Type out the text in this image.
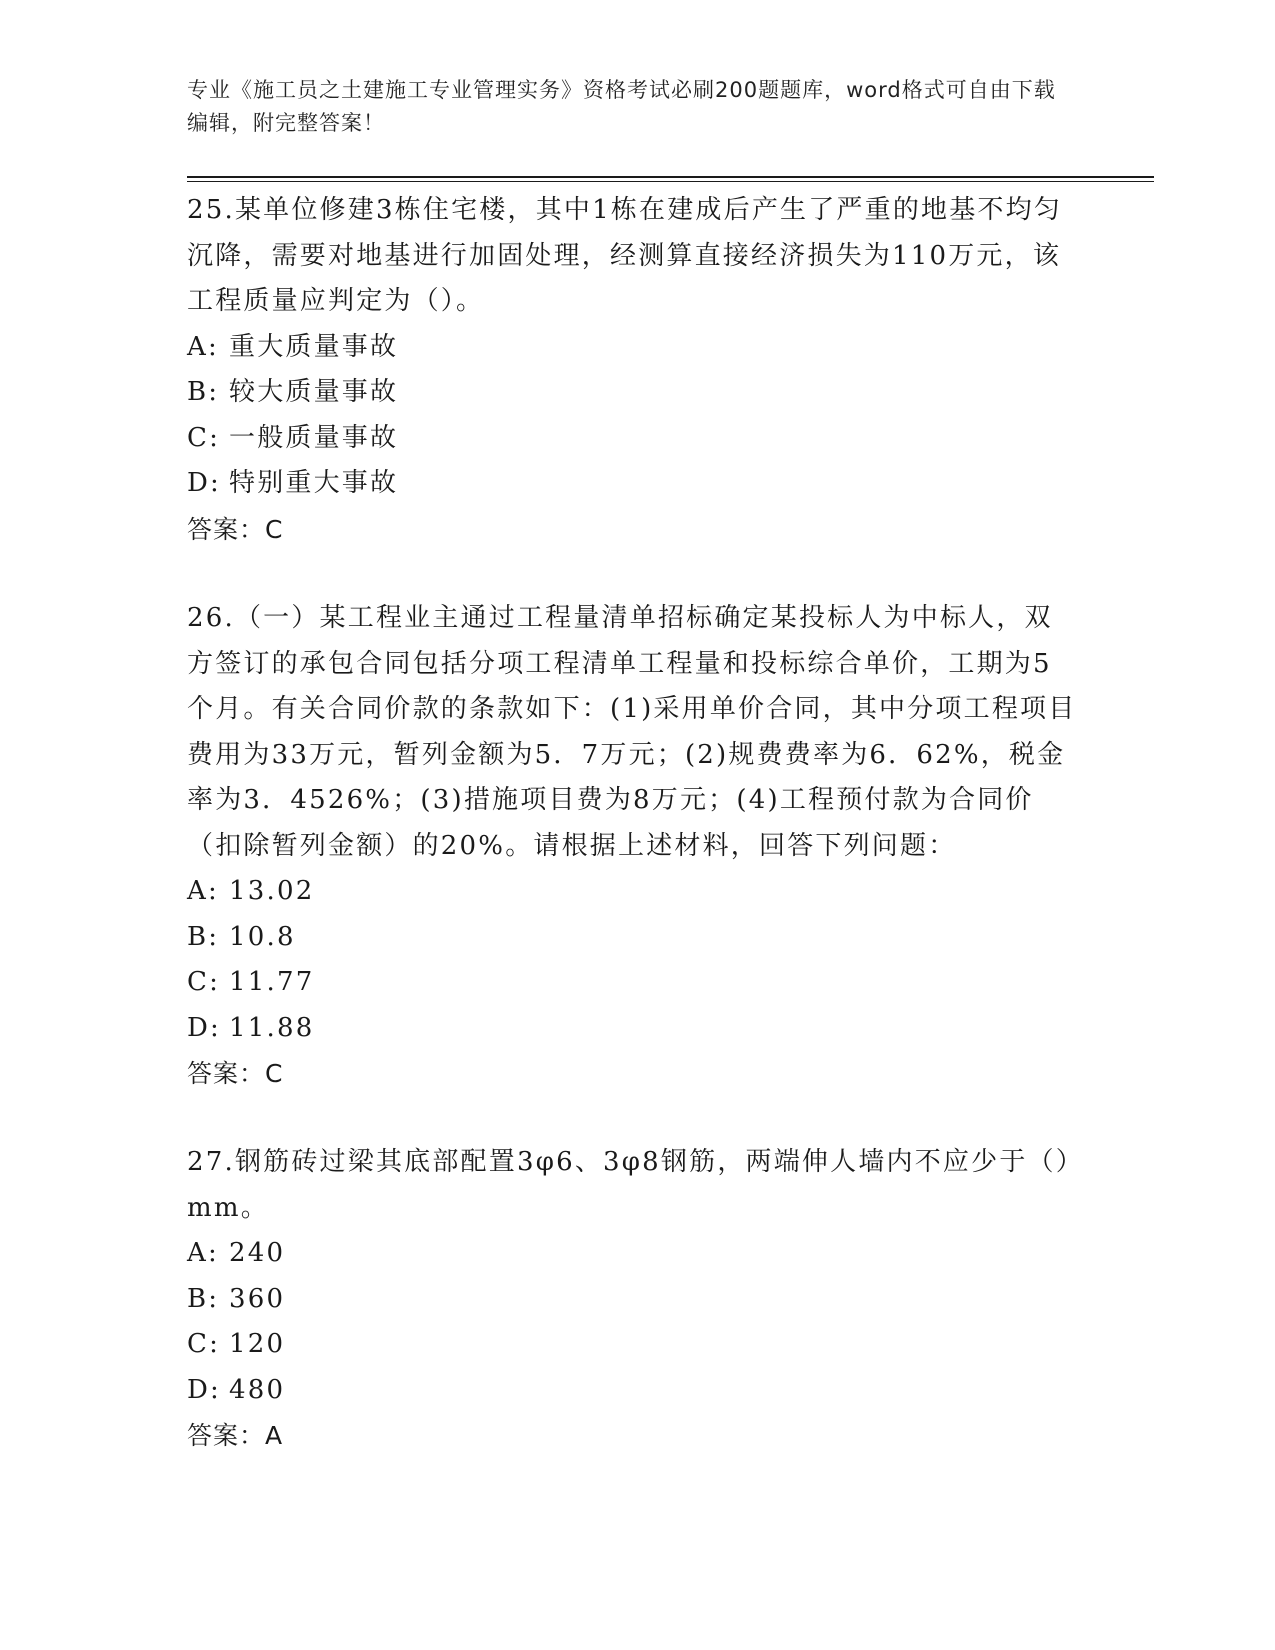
专业《施工员之土建施工专业管理实务》资格考试必刷200题题库，word格式可自由下载编辑，附完整答案！

25.某单位修建3栋住宅楼，其中1栋在建成后产生了严重的地基不均匀沉降，需要对地基进行加固处理，经测算直接经济损失为110万元，该工程质量应判定为（）。

A: 重大质量事故

B: 较大质量事故

C: 一般质量事故

D: 特别重大事故

答案：C

26.（一）某工程业主通过工程量清单招标确定某投标人为中标人，双方签订的承包合同包括分项工程清单工程量和投标综合单价，工期为5个月。有关合同价款的条款如下：(1)采用单价合同，其中分项工程项目费用为33万元，暂列金额为5．7万元；(2)规费费率为6．62%，税金率为3．4526%；(3)措施项目费为8万元；(4)工程预付款为合同价（扣除暂列金额）的20%。请根据上述材料，回答下列问题：

A: 13.02

B: 10.8

C: 11.77

D: 11.88

答案：C

27.钢筋砖过梁其底部配置3φ6、3φ8钢筋，两端伸人墙内不应少于（）mm。

A: 240

B: 360

C: 120

D: 480

答案：A
